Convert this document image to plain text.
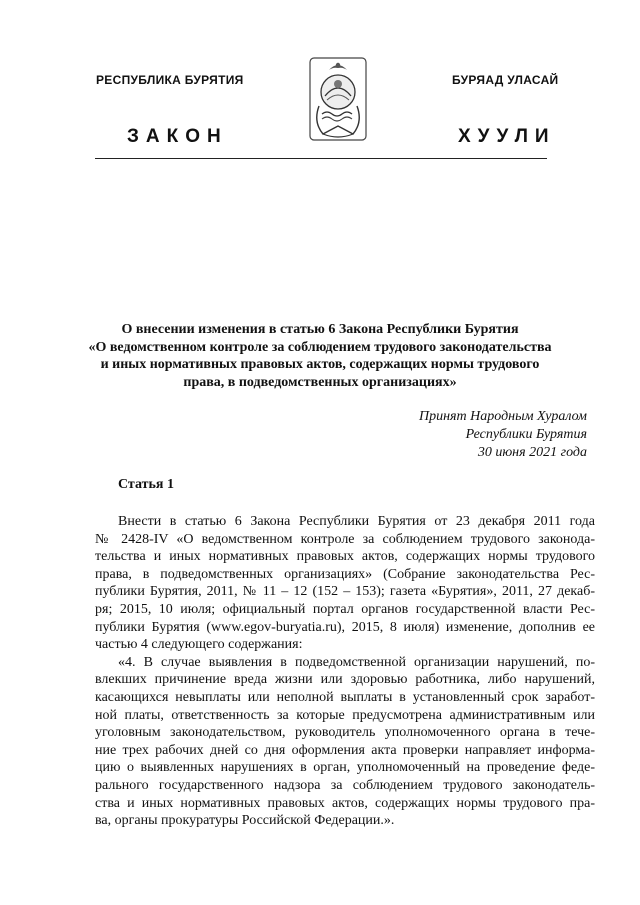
РЕСПУБЛИКА БУРЯТИЯ	БУРЯАД УЛАСАЙ
ЗАКОН	ХУУЛИ
О внесении изменения в статью 6 Закона Республики Бурятия
«О ведомственном контроле за соблюдением трудового законодательства
и иных нормативных правовых актов, содержащих нормы трудового
права, в подведомственных организациях»
Принят Народным Хуралом
Республики Бурятия
30 июня 2021 года
Статья 1
Внести в статью 6 Закона Республики Бурятия от 23 декабря 2011 года
№ 2428-IV «О ведомственном контроле за соблюдением трудового законода-
тельства и иных нормативных правовых актов, содержащих нормы трудового
права, в подведомственных организациях» (Собрание законодательства Рес-
публики Бурятия, 2011, № 11 – 12 (152 – 153); газета «Бурятия», 2011, 27 декаб-
ря; 2015, 10 июля; официальный портал органов государственной власти Рес-
публики Бурятия (www.egov-buryatia.ru), 2015, 8 июля) изменение, дополнив ее
частью 4 следующего содержания:
«4. В случае выявления в подведомственной организации нарушений, по-
влекших причинение вреда жизни или здоровью работника, либо нарушений,
касающихся невыплаты или неполной выплаты в установленный срок заработ-
ной платы, ответственность за которые предусмотрена административным или
уголовным законодательством, руководитель уполномоченного органа в тече-
ние трех рабочих дней со дня оформления акта проверки направляет информа-
цию о выявленных нарушениях в орган, уполномоченный на проведение феде-
рального государственного надзора за соблюдением трудового законодатель-
ства и иных нормативных правовых актов, содержащих нормы трудового пра-
ва, органы прокуратуры Российской Федерации.».
